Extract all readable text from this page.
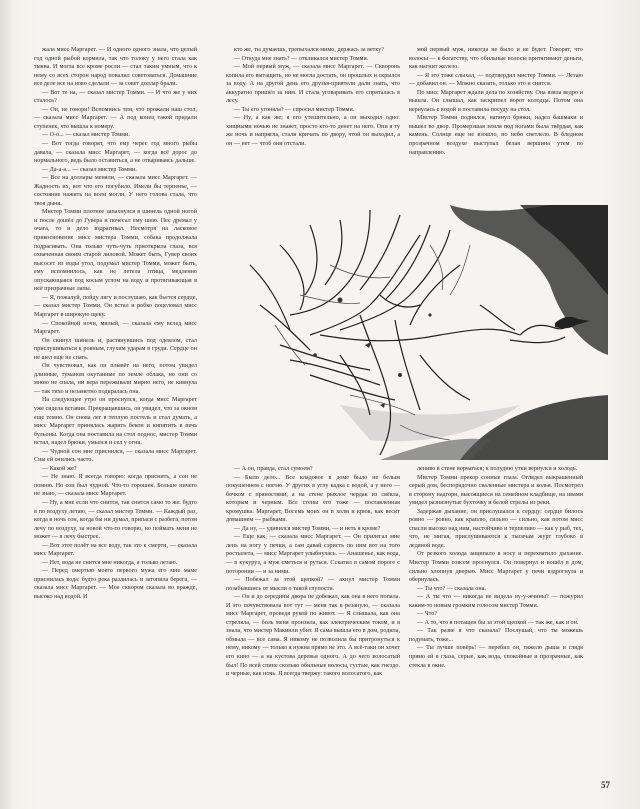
жала мисс Маргарет. — И одного одного знала, что целый год одной рыбой кормила, так что толоку у него стала как тыква. И могла все кроме росли — стал таким умным, что к нему со всех сторон народ повалил советоваться. Домашние все деле все на ново сделали — за совет доллар брали.

— Вот те на, — сказал мистер Томми. — И что же у них сталось?

— Он, не говори! Вспомнись тем, что прожали наш стол, — сказала мисс Маргарет. — А под конец такой придали ступенек, что вышла к номеру.

— О-о... — сказал мистер Томми.

— Вот тогда говорят, что ему черес год много рыбы давала, — сказала мисс Маргарет, — когда всё дорос до нормального, ведь было оставиться, а не отвариваясь дальше.

— Да-а-а... — сказал мистер Томми.

— Все на доллары меняли, — сказала мисс Маргарет. — Жадность их, вот что его погубило. Имели бы терпенье, — состояние нажить на всем могли. У него голова стала, что твоя дыня.

Мистер Томми плотнее запахнулся в шинель одной ногой и после дошёл до Гувера и почесал ему шею. Пес дремал у очага, то и дело вздрагивал. Несмотря на ласковое прикосновение мисс мистера Томми, собака продолжала подрагивать. Она только чуть-чуть приоткрыла глаза, вся охваченная своим старой лиловой. Может быть, Гувер своих высосет из воды угол, подумал мистер Томми, может быть, ему вспомнилось, как не летела птица, медленно опускающаяся под косым углом на воду и протягивающая в неё призрачные лапы.

— Я, пожалуй, пойду лягу и послушаю, как бьется сердце, — сказал мистер Томми. Он встал и робко поцеловал мисс Маргарет в широкую щеку.

— Спокойной ночи, милый, — сказала ему вслед мисс Маргарет.

Он скинул шинель и, растянувшись под одеялом, стал прислушиваться к ровным, глухим ударам в груди. Сердце он не шел еще не спать.

Он чувствовал, как он плывёт на него, потом увидел длинные, туманом окутанные по земле облака, но они со мною не спала, ни вера переживали мирно него, не кивнула — так тихо и незаметно подкралась она.

На следующее утро он проснулся, когда мисс Маргарет уже сидела вставив. Прекращавшись, он увидел, что за окном еще темно. Он снова лег в теплую постель и стал думать, а мисс Маргарет принялась жарить бекон и кипятить в печь бульоны. Когда она поставила на стол поднос, мистер Томми встал, надел брюки, умылся и сел у огня.

— Чудной сон мне приснился, — сказала мисс Маргарет. Сны ей снились часто.

— Какой же?

— Не знаю. Я всегда говорю: когда приснить, а сон не помню. Но сон был чудной. Что-то горошек. Больше ничего не знаю, — сказала мисс Маргарет.

— Ну, а мне если что снится, так снится само то же: будто я по воздуху летаю, — сказал мистер Томми. — Каждый раз, когда в ночь сон, когда бы ни думал, припаси с разбега, потом лечу по воздуху, за новой что-то говорю, но поймать меня не может — я лечу быстрее.

— Вот этот полёт на все воду, так это к смерти, — сказала мисс Маргарет.

— Нет, вода не снится мне никогда, я только летаю.

— Перед смертью моего первого мужа его мне маме приснилась вода: будто река разлилась и затопила берега, — сказала мисс Маргарет. — Мое сквором сказала во вражде, высоко над водой. И

кто же, ты думаешь, трепыхался мимо, держась за ветку?

— Откуда мне знать? — откликался мистер Томми.

— Мой первый муж, — сказала мисс Маргарет. — Скворонь копила его вытащить, но не могла достать, он прошлых и скрылся за воду. А на другой день его друзья-приятели дали знать, что аккуратно пришёл за ним. И стала уговаривать его спряталась в лесу.

— Ты его угоняла? — спросил мистер Томми.

— Ну, а как же; я его утешительно, а он выходил одно: хищными ночью не знавет, просто кто-то денет на него. Они я ту же ночь и напрягла, стали кричать по двору, чтой он выходил, а он — нет — чтоб они отстали.

мой первый муж, никогда не было и не будет. Говорят, что волосы — к богатству, что обильные волосы притягивают деньги, как магнит железо.

— Я это тоже слыхал, — подтвердил мистер Томми. — Летаю — добавил он. — Можно сказать, только это и снится.

По мисс Маргарет ждали дела по хозяйству. Она взяла ведро и вышла. Он слышал, как заскрипел ворот колодца. Потом она вернулась с водой и поставила посуду на стол.

Мистер Томми поднялся, натянул брюки, надел башмаки и вышел во двор. Промерзшая земля под ногами была твёрдая, как камень. Солнце еще не взошло, но небо светлело. В бледном прозрачном воздухе выступал белая вершина утем по направлению.

— А он, правда, стал сумоем?

— Было дело... Все кладовое в доме было не белым покушением с ногою. У других в углу кадка с водой, а у него — бочком с пряностями, а на стене рыхлое чердак из свёкла, которым и черным. Все стены его тоже — поставленная кромушка. Маргарет, Восемь моих он в холм и крюк, как весит домашнем — рыбками.

— Да ну, — удивился мистер Томми, — и неть я кроме?

— Еще как, — сказала мисс Маргарет. — Он прилегал мне лень на ногу у печки, а сам давай сэристь по ним вот на того ростылета, — мисс Маргарет улыбнулась. — Анашенье, как вода, — в кукуруз, а муж сметься и руться. Сскатил в самом пороге с поторонии — и за ними.

— Побежал за этой щепкой? — ахнул мистер Томми позабывшись от мысли о такой глупости.

— Он и до середины двора не добежал, как она в него попала. И это почувствовала вот тут — меня так в резануло, — сказала мисс Маргарет, проведя рукой по живот. — Я слышала, как она стреляла, — боль меня пронзила, как электрическим током, и я знала, что мистер Макинли убит. Я сама вышла его в дом, родила, обмыла — все сама. Я никому не позволила бы притронуться к нему, никому — только я нужна прямо не это. А всё-таки он хочет его кино — а на кустова деревья одного. А до чего волосатый был! По всей спине сколько обильные волосы, густые, как гнездо. и черные, как ночь. Я всегда твержу: такого волосатого, как

лениво в стене ворчаться; к полудню утки вернулся и холодь.

Мистер Томми прекор сонные глаза. Оглядел выкрашенный серый дом, беспорядочно сваленные мистера и колья. Посмотрел в сторону надгорн, высоящиеся на семейном кладбище, на ивами увидел разнизнутые бухточку и белой стрелы из реки.

Задержав дыхание, он прислушался к сердцу: сердце билось ровно — ровно, как краплю, сильно — сильно, как потом мисс спасли высоко над ним, настойчиво и терпеливо — как у рыб, тех, что, не мигая, прислушиваются к тысячам журт глубоко в ледяной воде.

От резкого холода защипало в носу и перехватило дыхание. Мистер Томми совсем проснулся. Он повернул и вошёл в дом, сильно хлопнув дверью. Мисс Маргарет у печи вздрогнула и обернулась.

— Ты что? — сказала она.

— А ты что — никогда не видела ну-у-жчины? — пожурил каким-то новым громким голосом мистер Томми.

— Что?

— А то, что я потащен бы за этой щепкой — так же, как и он.

— Так разве я что сказала? Послушай, что ты можешь подумать, тоже...

— Ты лучше повёрь! — перебил он, тяжело дыша и глядя прямо ей в глаза, серые, как вода, спокойные и прозрачные, как стекла в окне.

57
